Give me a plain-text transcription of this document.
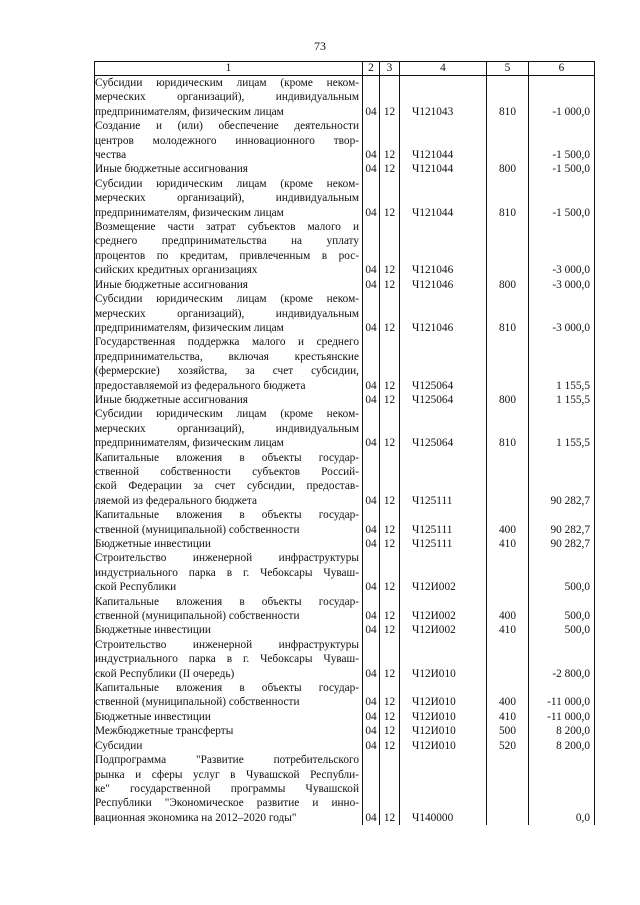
73
1	2	3	4	5	6

Субсидии юридическим лицам (кроме неком-
мерческих организаций), индивидуальным
предпринимателям, физическим лицам	04	12	Ч121043	810	-1 000,0

Создание и (или) обеспечение деятельности
центров молодежного инновационного твор-
чества	04	12	Ч121044		-1 500,0

Иные бюджетные ассигнования	04	12	Ч121044	800	-1 500,0

Субсидии юридическим лицам (кроме неком-
мерческих организаций), индивидуальным
предпринимателям, физическим лицам	04	12	Ч121044	810	-1 500,0

Возмещение части затрат субъектов малого и
среднего предпринимательства на уплату
процентов по кредитам, привлеченным в рос-
сийских кредитных организациях	04	12	Ч121046		-3 000,0

Иные бюджетные ассигнования	04	12	Ч121046	800	-3 000,0

Субсидии юридическим лицам (кроме неком-
мерческих организаций), индивидуальным
предпринимателям, физическим лицам	04	12	Ч121046	810	-3 000,0

Государственная поддержка малого и среднего
предпринимательства, включая крестьянские
(фермерские) хозяйства, за счет субсидии,
предоставляемой из федерального бюджета	04	12	Ч125064		1 155,5

Иные бюджетные ассигнования	04	12	Ч125064	800	1 155,5

Субсидии юридическим лицам (кроме неком-
мерческих организаций), индивидуальным
предпринимателям, физическим лицам	04	12	Ч125064	810	1 155,5

Капитальные вложения в объекты государ-
ственной собственности субъектов Россий-
ской Федерации за счет субсидии, предостав-
ляемой из федерального бюджета	04	12	Ч125111		90 282,7

Капитальные вложения в объекты государ-
ственной (муниципальной) собственности	04	12	Ч125111	400	90 282,7

Бюджетные инвестиции	04	12	Ч125111	410	90 282,7

Строительство инженерной инфраструктуры
индустриального парка в г. Чебоксары Чуваш-
ской Республики	04	12	Ч12И002		500,0

Капитальные вложения в объекты государ-
ственной (муниципальной) собственности	04	12	Ч12И002	400	500,0

Бюджетные инвестиции	04	12	Ч12И002	410	500,0

Строительство инженерной инфраструктуры
индустриального парка в г. Чебоксары Чуваш-
ской Республики (II очередь)	04	12	Ч12И010		-2 800,0

Капитальные вложения в объекты государ-
ственной (муниципальной) собственности	04	12	Ч12И010	400	-11 000,0

Бюджетные инвестиции	04	12	Ч12И010	410	-11 000,0

Межбюджетные трансферты	04	12	Ч12И010	500	8 200,0

Субсидии	04	12	Ч12И010	520	8 200,0

Подпрограмма "Развитие потребительского
рынка и сферы услуг в Чувашской Республи-
ке" государственной программы Чувашской
Республики "Экономическое развитие и инно-
вационная экономика на 2012–2020 годы"	04	12	Ч140000		0,0
